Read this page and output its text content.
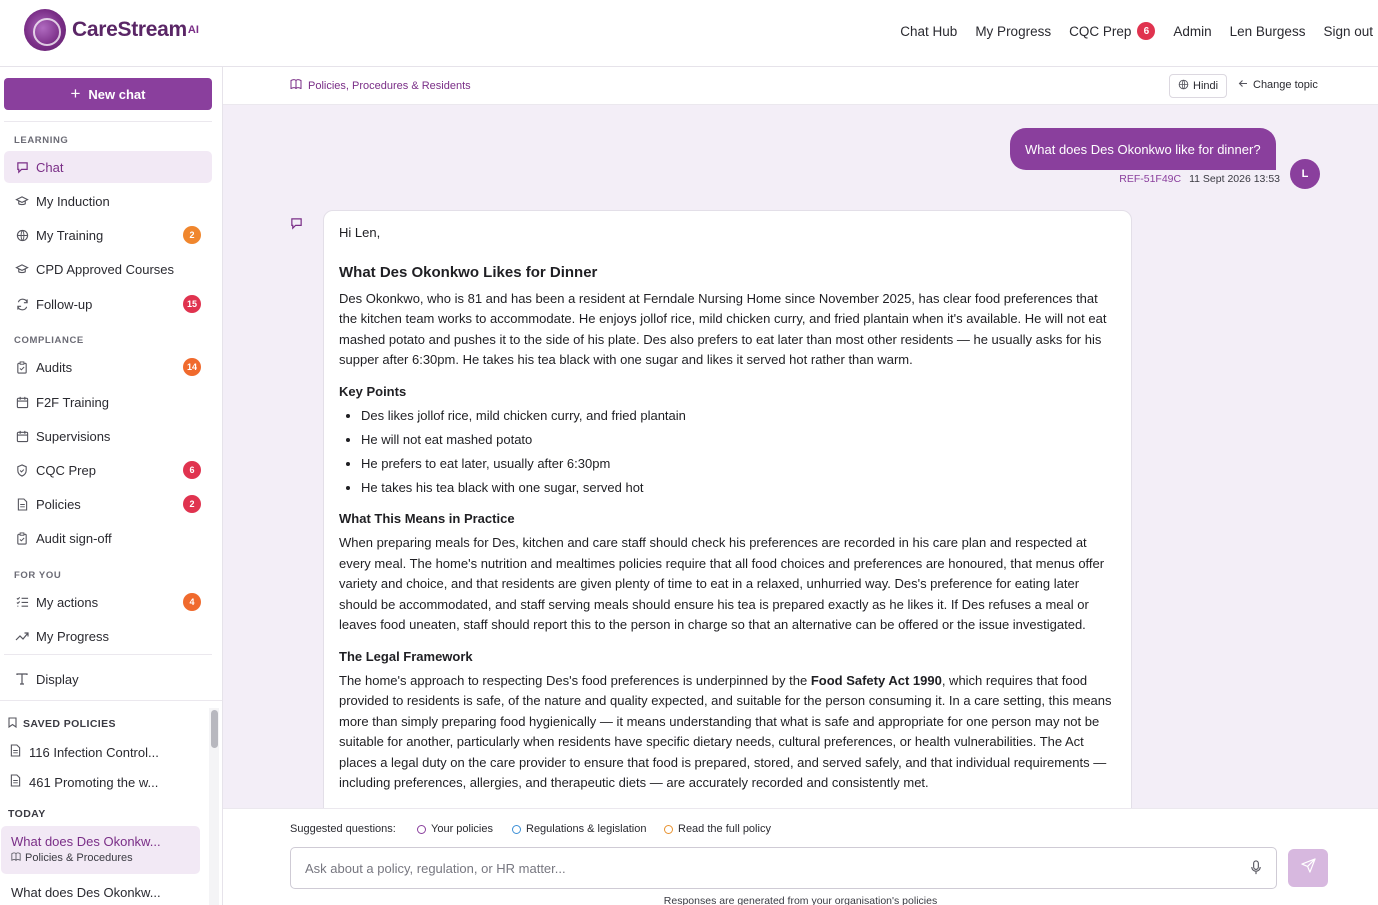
CareStream AI	Chat Hub My Progress CQC Prep	6	Admin Len Burgess Sign out
+ New chat
LEARNING
Chat
My Induction
My Training	2
CPD Approved Courses
Follow-up	15
COMPLIANCE
Audits	14
F2F Training
Supervisions
CQC Prep	6
Policies	2
Audit sign-off
FOR YOU
My actions	4
My Progress
Display
SAVED POLICIES
116 Infection Control...
461 Promoting the w...
TODAY
What does Des Okonkw...
Policies & Procedures
What does Des Okonkw...
Policies, Procedures & Residents	Hindi	Change topic
What does Des Okonkwo like for dinner?
REF-51F49C 11 Sept 2026 13:53	L

Hi Len,

What Des Okonkwo Likes for Dinner

Des Okonkwo, who is 81 and has been a resident at Ferndale Nursing Home since November 2025, has clear food preferences that the kitchen team works to accommodate. He enjoys jollof rice, mild chicken curry, and fried plantain when it's available. He will not eat mashed potato and pushes it to the side of his plate. Des also prefers to eat later than most other residents — he usually asks for his supper after 6:30pm. He takes his tea black with one sugar and likes it served hot rather than warm.

Key Points
• Des likes jollof rice, mild chicken curry, and fried plantain
• He will not eat mashed potato
• He prefers to eat later, usually after 6:30pm
• He takes his tea black with one sugar, served hot
What This Means in Practice

When preparing meals for Des, kitchen and care staff should check his preferences are recorded in his care plan and respected at every meal. The home's nutrition and mealtimes policies require that all food choices and preferences are honoured, that menus offer variety and choice, and that residents are given plenty of time to eat in a relaxed, unhurried way. Des's preference for eating later should be accommodated, and staff serving meals should ensure his tea is prepared exactly as he likes it. If Des refuses a meal or leaves food uneaten, staff should report this to the person in charge so that an alternative can be offered or the issue investigated.

The Legal Framework

The home's approach to respecting Des's food preferences is underpinned by the Food Safety Act 1990, which requires that food provided to residents is safe, of the nature and quality expected, and suitable for the person consuming it. In a care setting, this means more than simply preparing food hygienically — it means understanding that what is safe and appropriate for one person may not be suitable for another, particularly when residents have specific dietary needs, cultural preferences, or health vulnerabilities. The Act places a legal duty on the care provider to ensure that food is prepared, stored, and served safely, and that individual requirements — including preferences, allergies, and therapeutic diets — are accurately recorded and consistently met.

Suggested questions:	Your policies	Regulations & legislation	Read the full policy
Ask about a policy, regulation, or HR matter...
Responses are generated from your organisation's policies
